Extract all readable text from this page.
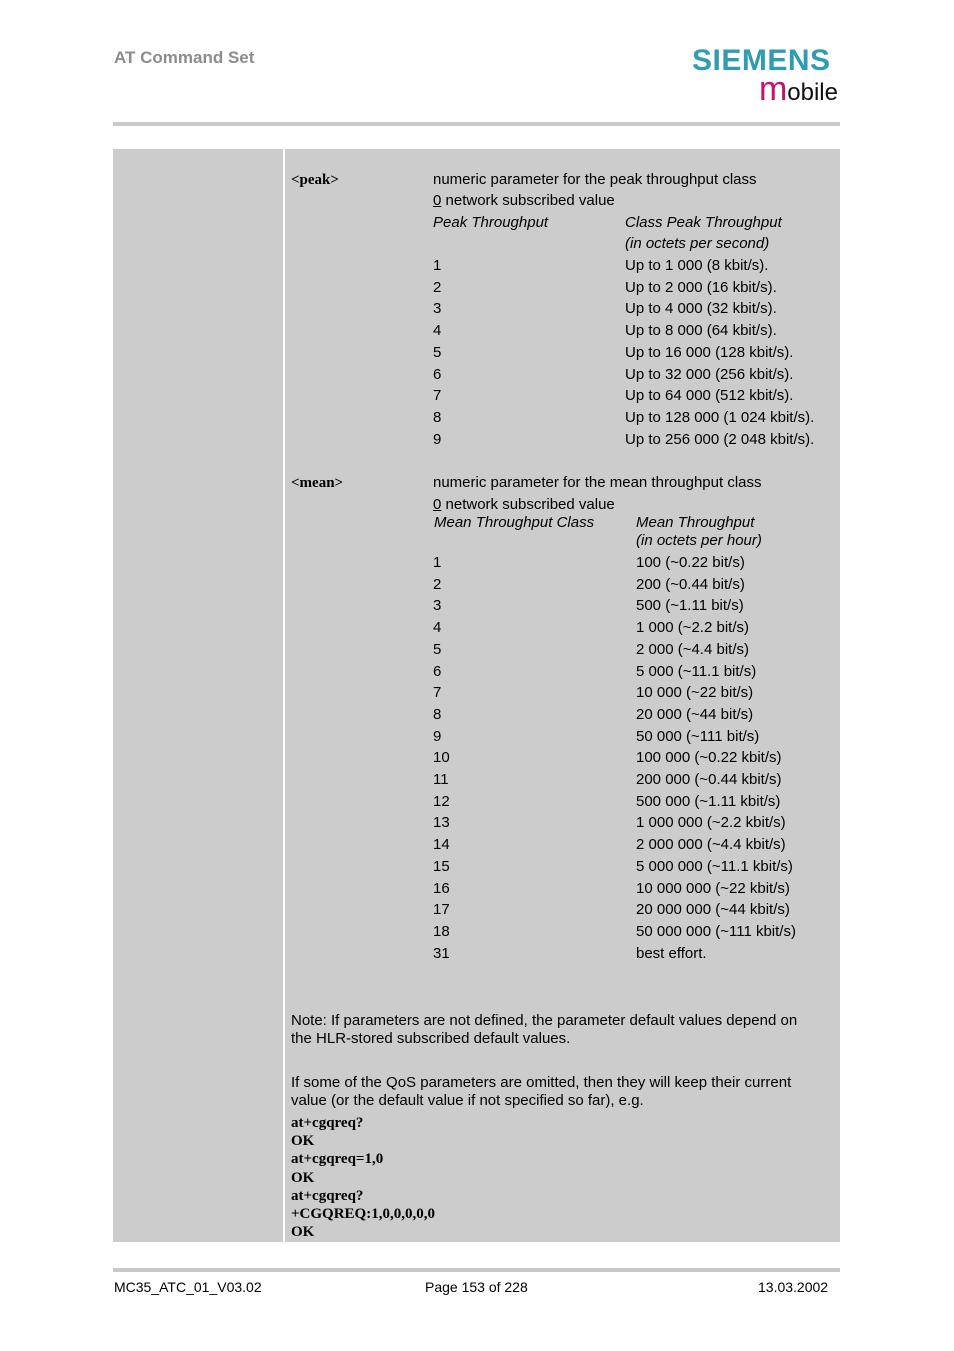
AT Command Set	SIEMENS
mobile
<peak>	numeric parameter for the peak throughput class
0 network subscribed value
Peak Throughput	Class Peak Throughput
(in octets per second)
1	Up to 1 000 (8 kbit/s).
2	Up to 2 000 (16 kbit/s).
3	Up to 4 000 (32 kbit/s).
4	Up to 8 000 (64 kbit/s).
5	Up to 16 000 (128 kbit/s).
6	Up to 32 000 (256 kbit/s).
7	Up to 64 000 (512 kbit/s).
8	Up to 128 000 (1 024 kbit/s).
9	Up to 256 000 (2 048 kbit/s).
<mean>	numeric parameter for the mean throughput class
0 network subscribed value
Mean Throughput Class	Mean Throughput
(in octets per hour)
1	100 (~0.22 bit/s)
2	200 (~0.44 bit/s)
3	500 (~1.11 bit/s)
4	1 000 (~2.2 bit/s)
5	2 000 (~4.4 bit/s)
6	5 000 (~11.1 bit/s)
7	10 000 (~22 bit/s)
8	20 000 (~44 bit/s)
9	50 000 (~111 bit/s)
10	100 000 (~0.22 kbit/s)
11	200 000 (~0.44 kbit/s)
12	500 000 (~1.11 kbit/s)
13	1 000 000 (~2.2 kbit/s)
14	2 000 000 (~4.4 kbit/s)
15	5 000 000 (~11.1 kbit/s)
16	10 000 000 (~22 kbit/s)
17	20 000 000 (~44 kbit/s)
18	50 000 000 (~111 kbit/s)
31	best effort.
Note: If parameters are not defined, the parameter default values depend on
the HLR-stored subscribed default values.
If some of the QoS parameters are omitted, then they will keep their current
value (or the default value if not specified so far), e.g.
at+cgqreq?
OK
at+cgqreq=1,0
OK
at+cgqreq?
+CGQREQ:1,0,0,0,0,0
OK
MC35_ATC_01_V03.02	Page 153 of 228	13.03.2002
